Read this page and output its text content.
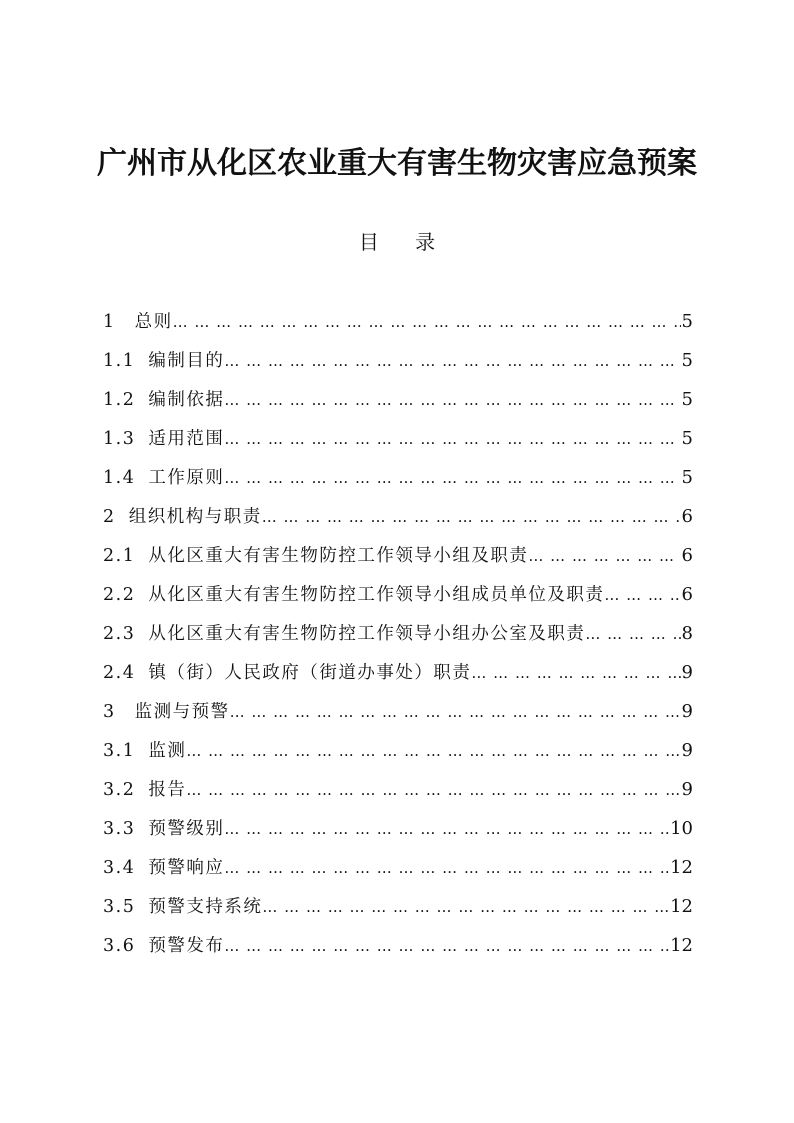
广州市从化区农业重大有害生物灾害应急预案
目 录
1　总则 … … … … … … … … … … … … … … … … … … … … … … … … … … … … … … … … … … … … … … … … … … … … … … … …	5
1.1 编制目的 … … … … … … … … … … … … … … … … … … … … … … … … … … … … … … … … … … … … … … … … … … … … … … … …	5
1.2 编制依据 … … … … … … … … … … … … … … … … … … … … … … … … … … … … … … … … … … … … … … … … … … … … … … … …	5
1.3 适用范围 … … … … … … … … … … … … … … … … … … … … … … … … … … … … … … … … … … … … … … … … … … … … … … … …	5
1.4 工作原则 … … … … … … … … … … … … … … … … … … … … … … … … … … … … … … … … … … … … … … … … … … … … … … … …	5
2 组织机构与职责 … … … … … … … … … … … … … … … … … … … … … … … … … … … … … … … … … … … … … … … … … … … … … … … …	6
2.1 从化区重大有害生物防控工作领导小组及职责 … … … … … … … … … … … … … … … … … … … … … … … … … … … … … … … … … … … … … … … … … … … … … … … …	6
2.2 从化区重大有害生物防控工作领导小组成员单位及职责 … … … … … … … … … … … … … … … … … … … … … … … … … … … … … … … … … … … … … … … … … … … … … … … …	6
2.3 从化区重大有害生物防控工作领导小组办公室及职责 … … … … … … … … … … … … … … … … … … … … … … … … … … … … … … … … … … … … … … … … … … … … … … … …	8
2.4 镇（街）人民政府（街道办事处）职责 … … … … … … … … … … … … … … … … … … … … … … … … … … … … … … … … … … … … … … … … … … … … … … … …	9
3　监测与预警 … … … … … … … … … … … … … … … … … … … … … … … … … … … … … … … … … … … … … … … … … … … … … … … …	9
3.1 监测 … … … … … … … … … … … … … … … … … … … … … … … … … … … … … … … … … … … … … … … … … … … … … … … …	9
3.2 报告 … … … … … … … … … … … … … … … … … … … … … … … … … … … … … … … … … … … … … … … … … … … … … … … …	9
3.3 预警级别 … … … … … … … … … … … … … … … … … … … … … … … … … … … … … … … … … … … … … … … … … … … … … … … …	10
3.4 预警响应 … … … … … … … … … … … … … … … … … … … … … … … … … … … … … … … … … … … … … … … … … … … … … … … …	12
3.5 预警支持系统 … … … … … … … … … … … … … … … … … … … … … … … … … … … … … … … … … … … … … … … … … … … … … … … …	12
3.6 预警发布 … … … … … … … … … … … … … … … … … … … … … … … … … … … … … … … … … … … … … … … … … … … … … … … …	12
